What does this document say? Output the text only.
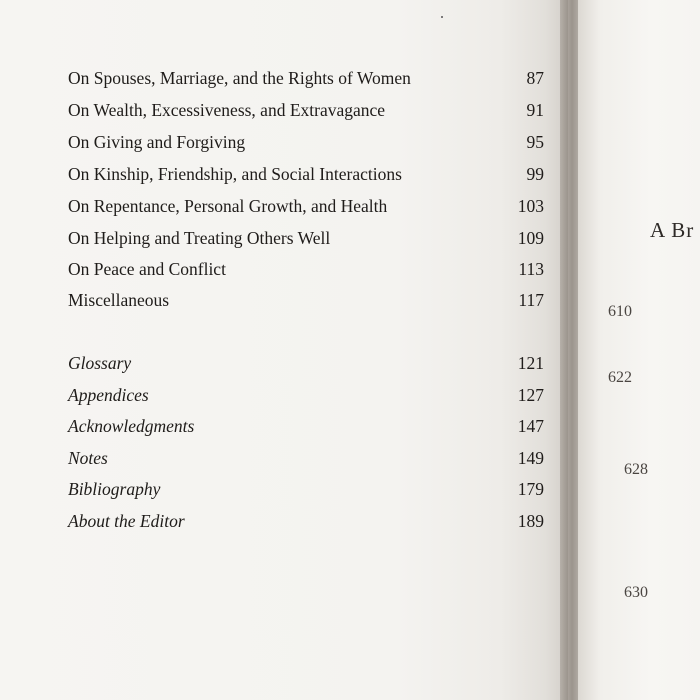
On Spouses, Marriage, and the Rights of Women	87
On Wealth, Excessiveness, and Extravagance	91
On Giving and Forgiving	95
On Kinship, Friendship, and Social Interactions	99
On Repentance, Personal Growth, and Health	103
On Helping and Treating Others Well	109
On Peace and Conflict	113
Miscellaneous	117
Glossary	121
Appendices	127
Acknowledgments	147
Notes	149
Bibliography	179
About the Editor	189
A Br
610
622
628
630
